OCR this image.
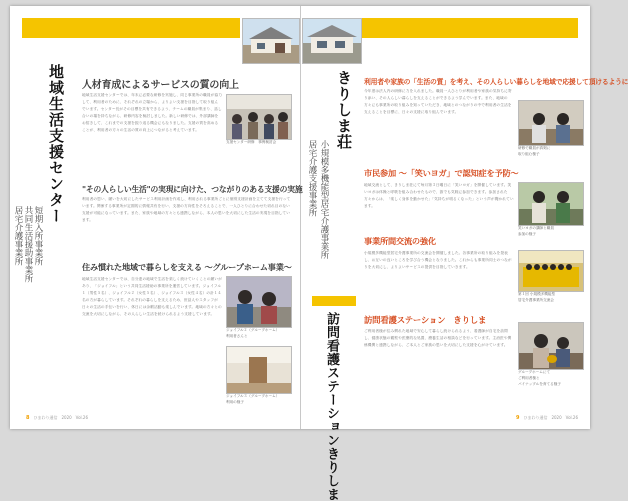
地域生活支援センター
短期入所事業所
共同生活援助事業所
居宅介護事業所
人材育成によるサービスの質の向上
地域生活支援センターでは、年末に必要な研修を実施し、同じ事業所の職員が協力して、利用者のために、それぞれの立場から、よりよい支援を目指して取り組んでいます。センター長がその目標を共有できるよう、チームの職員が集まり、話し合いの場を持ちながら、研修内容を検討しました。新しい研修では、外部講師をお招きして、これまでの支援を振り返る機会にもなりました。支援の質を高めることが、利用者の方々の生活の質の向上につながると考えています。
支援センター研修　事例検討会
"その人らしい生活"の実現に向けた、つながりのある支援の実施
利用者の思い、願いを大切にしたサービス利用計画を作成し、利用される事業所ごとに個別支援計画を立てて支援を行っています。関係する事業所が定期的に情報共有を行い、支援の方向性をそろえることで、一人ひとりに合わせた切れ目のない支援が可能になっています。また、家族や地域の方々とも連携しながら、本人の思いを大切にした生活の実現を目指しています。
住み慣れた地域で暮らしを支える ～グループホーム事業～
地域生活支援センターでは、自分達の地域で生活を楽しく続けていくことの願いがあり、「ジョイフル」という共同生活援助の事業所を運営しています。ジョイフル１（男性５名）、ジョイフル２（女性５名）、ジョイフル３（女性４名）の計１４名の方が暮らしています。それぞれの暮らしを支えるため、世話人やスタッフが日々の生活の手伝いを行い、休日には余暇活動も楽しんでいます。地域の方々との交流を大切にしながら、その人らしい生活を続けられるよう支援しています。
ジョイフル２（グループホーム）
利用者さんと
ジョイフル３（グループホーム）
利用の様子
8 ひまわり通信　2020　Vol.26
きりしま荘
小規模多機能型居宅介護事業所
居宅介護支援事業所
訪問看護ステーションきりしま
利用者や家族の「生活の質」を考え、その人らしい暮らしを地域で応援して頂けるように
今年度は法人内の研修に力を入れました。職員一人ひとりが利用者や家族の気持ちに寄り添い、その人らしい暮らしを支えることができるよう学んでいます。また、地域の方々にも事業所の取り組みを知っていただき、地域とのつながりの中で利用者の生活を支えることを目標に、日々の支援に取り組んでいます。
研修で職員が真剣に
取り組む様子
市民参加 ～「笑いヨガ」で認知症を予防～
地域交流として、きりしま荘にて毎月第３日曜日に「笑いヨガ」を開催しています。笑いヨガは体操と呼吸を組み合わせたもので、誰でも気軽に参加できます。参加された方々からは、「楽しく身体を動かせた」「気持ちが明るくなった」という声が聞かれています。
笑いヨガの講師と職員
参加の様子
事業所間交流の強化
小規模多機能型居宅介護事業所の交流会を開催しました。各事業所の取り組みを発表し、お互いの良いところを学び合う機会となりました。これからも事業所同士のつながりを大切にし、よりよいサービスの提供を目指していきます。
第１回 小規模多機能型
居宅介護事業所交流会
訪問看護ステーション　きりしま
ご利用者様が住み慣れた地域で安心して暮らし続けられるよう、看護師が自宅を訪問し、健康状態の観察や医療的な処置、療養生活の相談などを行っています。主治医や関係機関と連携しながら、ご本人とご家族の思いを大切にした支援を心がけています。
グループホームにて
ご利用者様と
パイナップルを育てる様子
9 ひまわり通信　2020　Vol.26
